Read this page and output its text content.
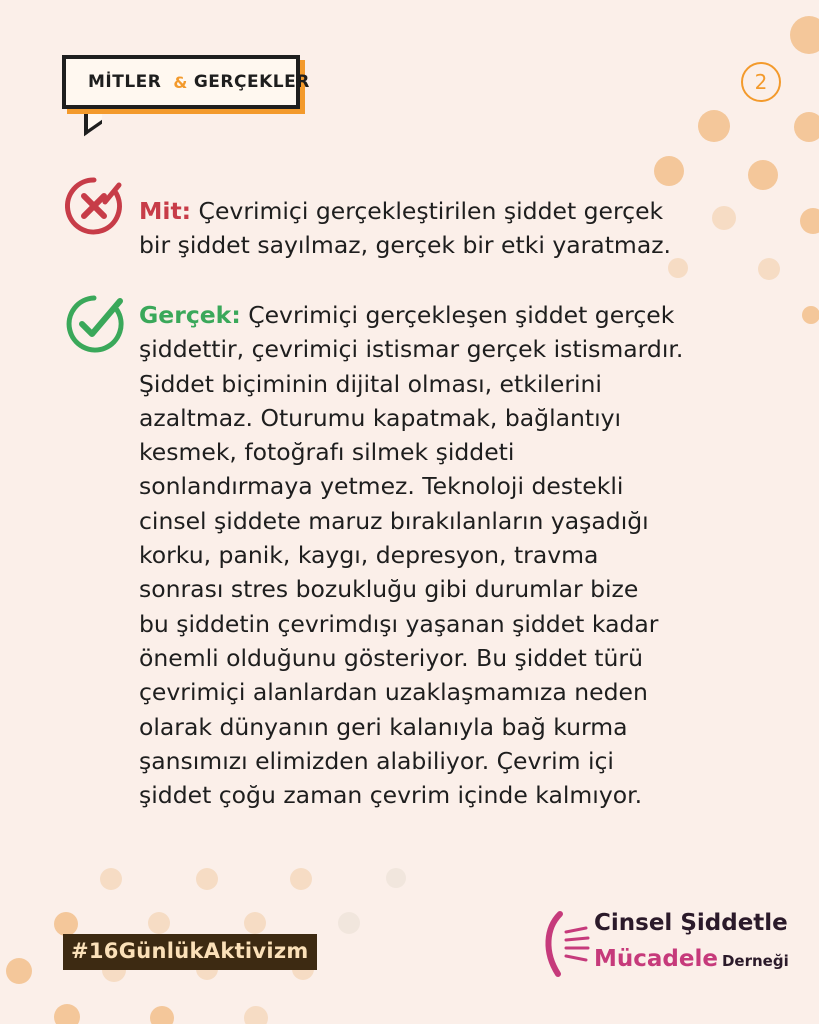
MİTLER & GERÇEKLER	2
Mit: Çevrimiçi gerçekleştirilen şiddet gerçek
bir şiddet sayılmaz, gerçek bir etki yaratmaz.
Gerçek: Çevrimiçi gerçekleşen şiddet gerçek
şiddettir, çevrimiçi istismar gerçek istismardır.
Şiddet biçiminin dijital olması, etkilerini
azaltmaz. Oturumu kapatmak, bağlantıyı
kesmek, fotoğrafı silmek şiddeti
sonlandırmaya yetmez. Teknoloji destekli
cinsel şiddete maruz bırakılanların yaşadığı
korku, panik, kaygı, depresyon, travma
sonrası stres bozukluğu gibi durumlar bize
bu şiddetin çevrimdışı yaşanan şiddet kadar
önemli olduğunu gösteriyor. Bu şiddet türü
çevrimiçi alanlardan uzaklaşmamıza neden
olarak dünyanın geri kalanıyla bağ kurma
şansımızı elimizden alabiliyor. Çevrim içi
şiddet çoğu zaman çevrim içinde kalmıyor.
#16GünlükAktivizm
Cinsel Şiddetle
Mücadele Derneği
